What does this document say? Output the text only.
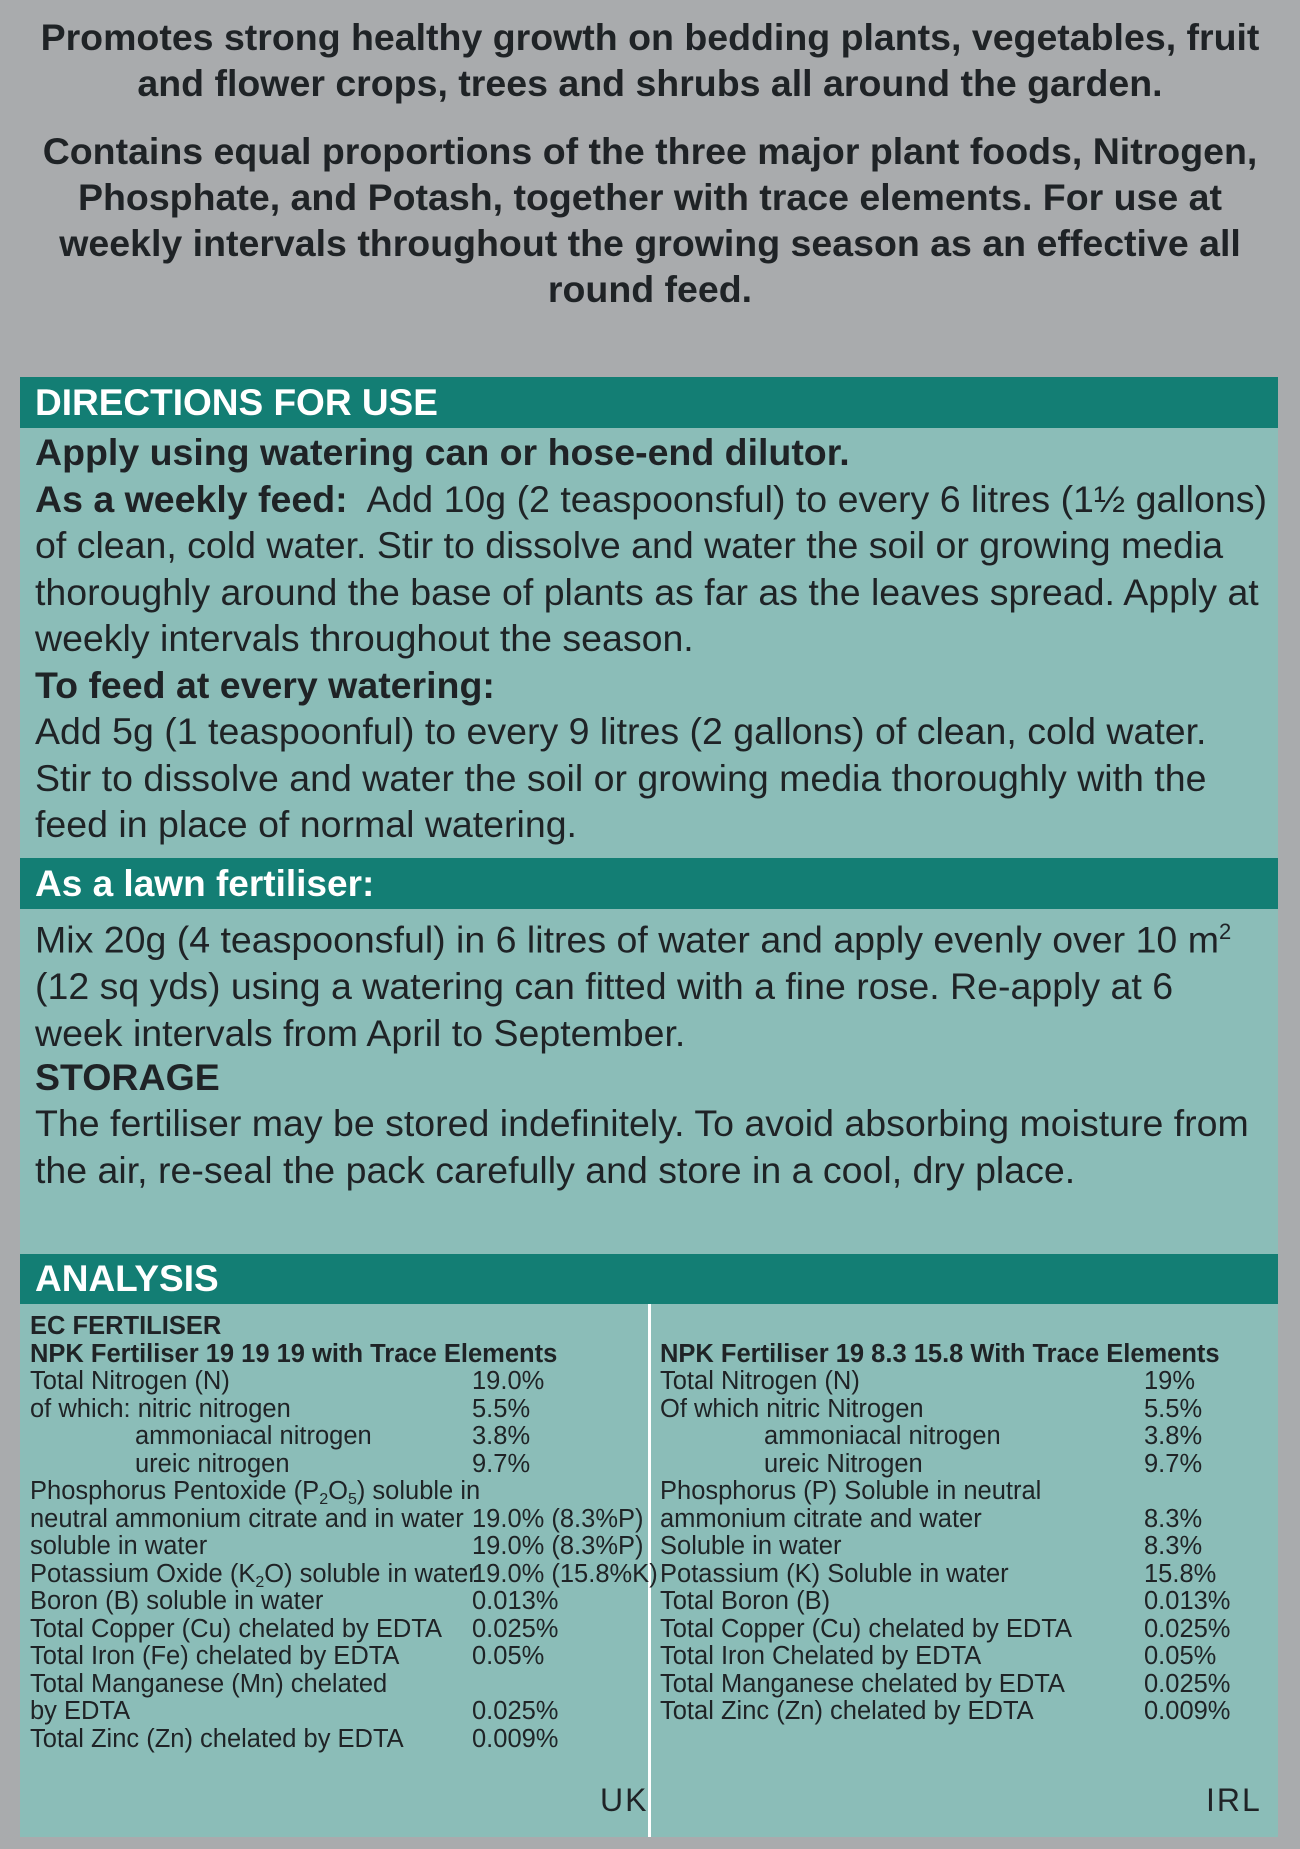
Promotes strong healthy growth on bedding plants, vegetables, fruit and flower crops, trees and shrubs all around the garden.

Contains equal proportions of the three major plant foods, Nitrogen, Phosphate, and Potash, together with trace elements. For use at weekly intervals throughout the growing season as an effective all round feed.

DIRECTIONS FOR USE

Apply using watering can or hose-end dilutor.

As a weekly feed: Add 10g (2 teaspoonsful) to every 6 litres (1½ gallons) of clean, cold water. Stir to dissolve and water the soil or growing media thoroughly around the base of plants as far as the leaves spread. Apply at weekly intervals throughout the season.

To feed at every watering:

Add 5g (1 teaspoonful) to every 9 litres (2 gallons) of clean, cold water. Stir to dissolve and water the soil or growing media thoroughly with the feed in place of normal watering.

As a lawn fertiliser:

Mix 20g (4 teaspoonsful) in 6 litres of water and apply evenly over 10 $m^2$ (12 sq yds) using a watering can fitted with a fine rose. Re-apply at 6 week intervals from April to September.

STORAGE

The fertiliser may be stored indefinitely. To avoid absorbing moisture from the air, re-seal the pack carefully and store in a cool, dry place.

ANALYSIS
EC FERTILISER
NPK Fertiliser 19 19 19 with Trace Elements
Total Nitrogen (N)	19.0%
of which: nitric nitrogen	5.5%
ammoniacal nitrogen	3.8%
ureic nitrogen	9.7%
Phosphorus Pentoxide $(P_2O_5)$ soluble in
neutral ammonium citrate and in water 19.0% (8.3%P)
soluble in water	19.0% (8.3%P)
Potassium Oxide $(K_2O)$ soluble in water
19.0% (15.8%K)
Boron (B) soluble in water	0.013%
Total Copper (Cu) chelated by EDTA 0.025%
Total Iron (Fe) chelated by EDTA	0.05%
Total Manganese (Mn) chelated
by EDTA	0.025%
Total Zinc (Zn) chelated by EDTA	0.009%
UK
NPK Fertiliser 19 8.3 15.8 With Trace Elements
Total Nitrogen (N)	19%
Of which nitric Nitrogen	5.5%
ammoniacal nitrogen	3.8%
ureic Nitrogen	9.7%
Phosphorus (P) Soluble in neutral
ammonium citrate and water	8.3%
Soluble in water	8.3%
Potassium (K) Soluble in water	15.8%
Total Boron (B)	0.013%
Total Copper (Cu) chelated by EDTA	0.025%
Total Iron Chelated by EDTA	0.05%
Total Manganese chelated by EDTA	0.025%
Total Zinc (Zn) chelated by EDTA	0.009%
IRL
